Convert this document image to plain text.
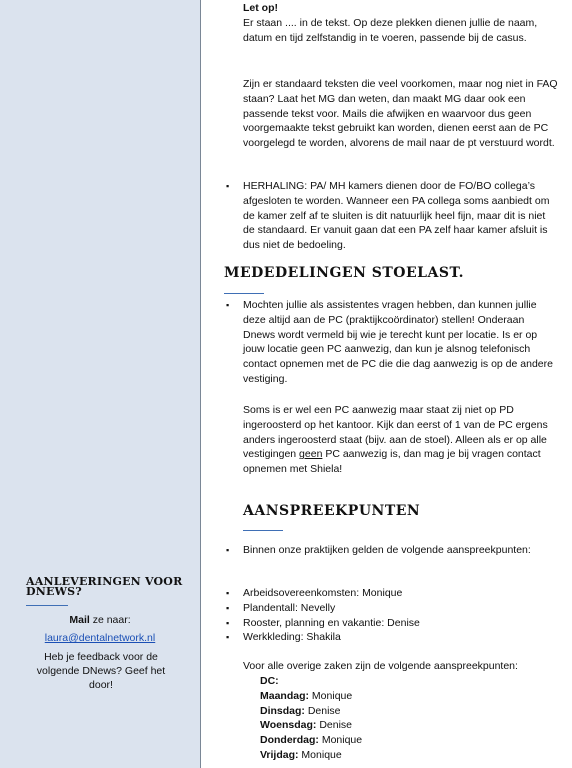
AANLEVERINGEN VOOR DNEWS?
Mail ze naar:
laura@dentalnetwork.nl
Heb je feedback voor de volgende DNews? Geef het door!
Let op!
Er staan .... in de tekst. Op deze plekken dienen jullie de naam, datum en tijd zelfstandig in te voeren, passende bij de casus.
Zijn er standaard teksten die veel voorkomen, maar nog niet in FAQ staan? Laat het MG dan weten, dan maakt MG daar ook een passende tekst voor. Mails die afwijken en waarvoor dus geen voorgemaakte tekst gebruikt kan worden, dienen eerst aan de PC voorgelegd te worden, alvorens de mail naar de pt verstuurd wordt.
▪ HERHALING: PA/ MH kamers dienen door de FO/BO collega’s afgesloten te worden. Wanneer een PA collega soms aanbiedt om de kamer zelf af te sluiten is dit natuurlijk heel fijn, maar dit is niet de standaard. Er vanuit gaan dat een PA zelf haar kamer afsluit is dus niet de bedoeling.
MEDEDELINGEN STOELAST.
▪ Mochten jullie als assistentes vragen hebben, dan kunnen jullie deze altijd aan de PC (praktijkcoördinator) stellen! Onderaan Dnews wordt vermeld bij wie je terecht kunt per locatie. Is er op jouw locatie geen PC aanwezig, dan kun je alsnog telefonisch contact opnemen met de PC die die dag aanwezig is op de andere vestiging.
Soms is er wel een PC aanwezig maar staat zij niet op PD ingeroosterd op het kantoor. Kijk dan eerst of 1 van de PC ergens anders ingeroosterd staat (bijv. aan de stoel). Alleen als er op alle vestigingen geen PC aanwezig is, dan mag je bij vragen contact opnemen met Shiela!
AANSPREEKPUNTEN
▪ Binnen onze praktijken gelden de volgende aanspreekpunten:
▪ Arbeidsovereenkomsten: Monique
▪ Plandentall: Nevelly
▪ Rooster, planning en vakantie: Denise
▪ Werkkleding: Shakila
Voor alle overige zaken zijn de volgende aanspreekpunten:
DC:
Maandag: Monique
Dinsdag: Denise
Woensdag: Denise
Donderdag: Monique
Vrijdag: Monique
